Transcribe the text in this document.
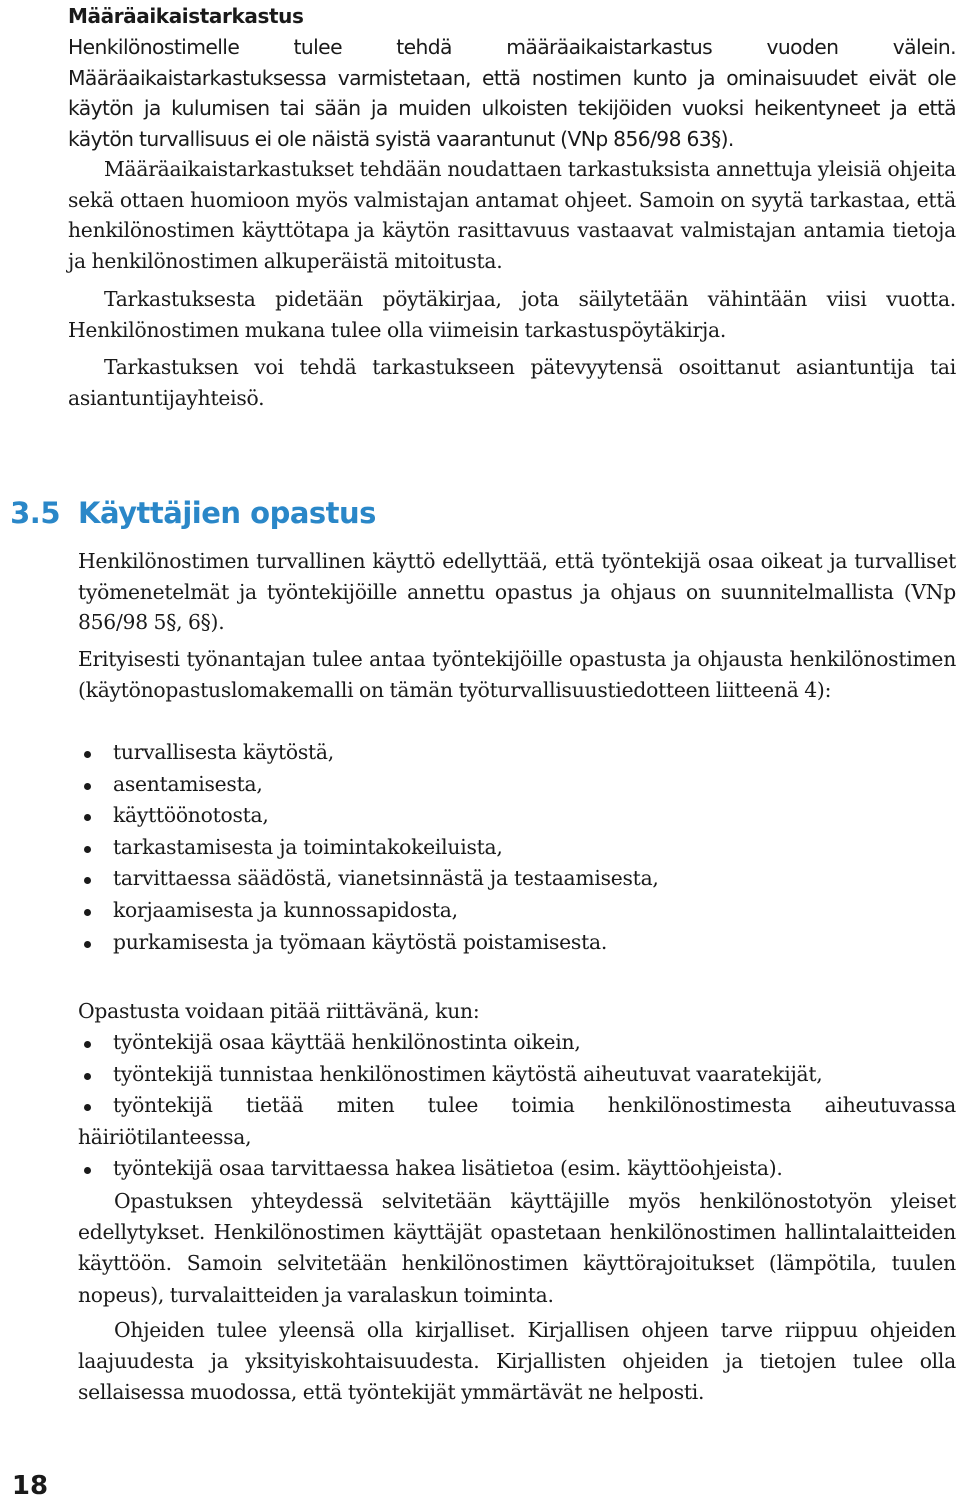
Määräaikaistarkastus

Henkilönostimelle tulee tehdä määräaikaistarkastus vuoden välein. Määräaikaistarkastuksessa varmistetaan, että nostimen kunto ja ominaisuudet eivät ole käytön ja kulumisen tai sään ja muiden ulkoisten tekijöiden vuoksi heikentyneet ja että käytön turvallisuus ei ole näistä syistä vaarantunut (VNp 856/98 63§).

Määräaikaistarkastukset tehdään noudattaen tarkastuksista annettuja yleisiä ohjeita sekä ottaen huomioon myös valmistajan antamat ohjeet. Samoin on syytä tarkastaa, että henkilönostimen käyttötapa ja käytön rasittavuus vastaavat valmistajan antamia tietoja ja henkilönostimen alkuperäistä mitoitusta.

Tarkastuksesta pidetään pöytäkirjaa, jota säilytetään vähintään viisi vuotta. Henkilönostimen mukana tulee olla viimeisin tarkastuspöytäkirja.

Tarkastuksen voi tehdä tarkastukseen pätevyytensä osoittanut asiantuntija tai asiantuntijayhteisö.

3.5 Käyttäjien opastus

Henkilönostimen turvallinen käyttö edellyttää, että työntekijä osaa oikeat ja turvalliset työmenetelmät ja työntekijöille annettu opastus ja ohjaus on suunnitelmallista (VNp 856/98 5§, 6§).

Erityisesti työnantajan tulee antaa työntekijöille opastusta ja ohjausta henkilönostimen (käytönopastuslomakemalli on tämän työturvallisuustiedotteen liitteenä 4):

turvallisesta käytöstä,
asentamisesta,
käyttöönotosta,
tarkastamisesta ja toimintakokeiluista,
tarvittaessa säädöstä, vianetsinnästä ja testaamisesta,
korjaamisesta ja kunnossapidosta,
purkamisesta ja työmaan käytöstä poistamisesta.

Opastusta voidaan pitää riittävänä, kun:

työntekijä osaa käyttää henkilönostinta oikein,
työntekijä tunnistaa henkilönostimen käytöstä aiheutuvat vaaratekijät,
työntekijä tietää miten tulee toimia henkilönostimesta aiheutuvassa häiriötilanteessa,
työntekijä osaa tarvittaessa hakea lisätietoa (esim. käyttöohjeista).

Opastuksen yhteydessä selvitetään käyttäjille myös henkilönostotyön yleiset edellytykset. Henkilönostimen käyttäjät opastetaan henkilönostimen hallintalaitteiden käyttöön. Samoin selvitetään henkilönostimen käyttörajoitukset (lämpötila, tuulen nopeus), turvalaitteiden ja varalaskun toiminta.

Ohjeiden tulee yleensä olla kirjalliset. Kirjallisen ohjeen tarve riippuu ohjeiden laajuudesta ja yksityiskohtaisuudesta. Kirjallisten ohjeiden ja tietojen tulee olla sellaisessa muodossa, että työntekijät ymmärtävät ne helposti.

18
